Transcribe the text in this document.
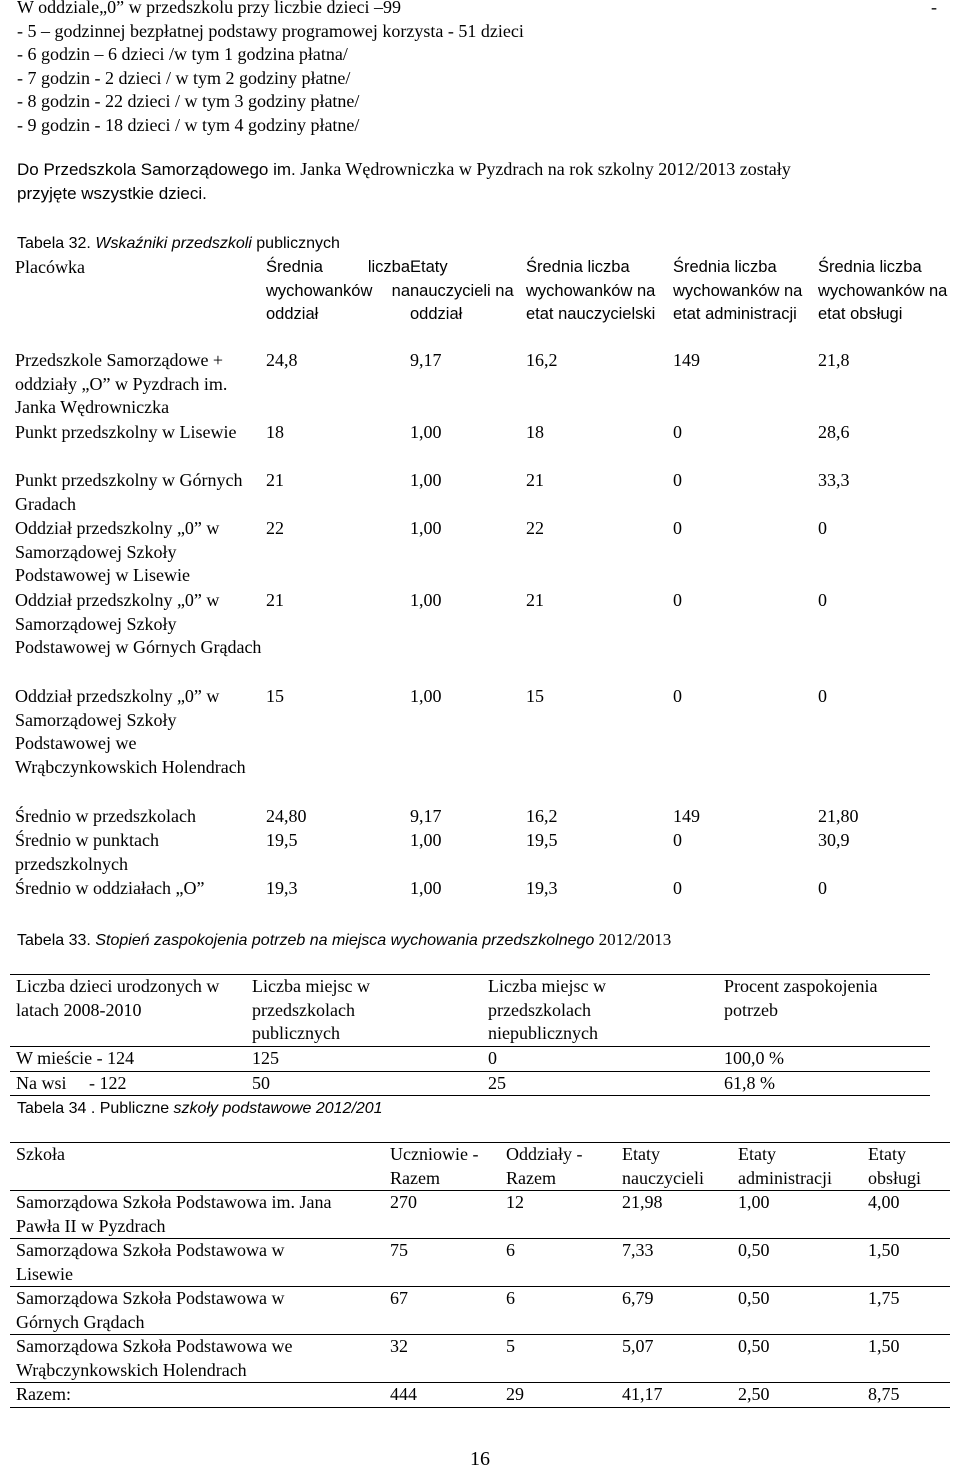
-
W oddziale„0” w przedszkolu przy liczbie dzieci –99
- 5 – godzinnej bezpłatnej podstawy programowej korzysta - 51 dzieci
- 6 godzin – 6 dzieci /w tym 1 godzina płatna/
- 7 godzin - 2 dzieci / w tym 2 godziny płatne/
- 8 godzin - 22 dzieci / w tym 3 godziny płatne/
- 9 godzin - 18 dzieci / w tym 4 godziny płatne/
Do Przedszkola Samorządowego im. Janka Wędrowniczka w Pyzdrach na rok szkolny 2012/2013 zostały
przyjęte wszystkie dzieci.
Tabela 32. Wskaźniki przedszkoli publicznych
Placówka	Średnia liczba wychowanków na oddział	Etaty nauczycieli na oddział	Średnia liczba wychowanków na etat nauczycielski	Średnia liczba wychowanków na etat administracji	Średnia liczba wychowanków na etat obsługi
Przedszkole Samorządowe + oddziały „O” w Pyzdrach im. Janka Wędrowniczka	24,8	9,17	16,2	149	21,8
Punkt przedszkolny w Lisewie	18	1,00	18	0	28,6
Punkt przedszkolny w Górnych Gradach	21	1,00	21	0	33,3
Oddział przedszkolny „0” w Samorządowej Szkoły Podstawowej w Lisewie	22	1,00	22	0	0
Oddział przedszkolny „0” w Samorządowej Szkoły Podstawowej w Górnych Grądach	21	1,00	21	0	0
Oddział przedszkolny „0” w Samorządowej Szkoły Podstawowej we Wrąbczynkowskich Holendrach	15	1,00	15	0	0
Średnio w przedszkolach	24,80	9,17	16,2	149	21,80
Średnio w punktach przedszkolnych	19,5	1,00	19,5	0	30,9
Średnio w oddziałach „O”	19,3	1,00	19,3	0	0
Tabela 33. Stopień zaspokojenia potrzeb na miejsca wychowania przedszkolnego 2012/2013
Liczba dzieci urodzonych w latach 2008-2010	Liczba miejsc w przedszkolach publicznych	Liczba miejsc w przedszkolach niepublicznych	Procent zaspokojenia potrzeb
W mieście - 124	125	0	100,0 %
Na wsi     - 122	50	25	61,8 %
Tabela 34 . Publiczne szkoły podstawowe 2012/201
Szkoła	Uczniowie -Razem	Oddziały - Razem	Etaty nauczycieli	Etaty administracji	Etaty obsługi
Samorządowa Szkoła Podstawowa im. Jana Pawła II w Pyzdrach	270	12	21,98	1,00	4,00
Samorządowa Szkoła Podstawowa w Lisewie	75	6	7,33	0,50	1,50
Samorządowa Szkoła Podstawowa w Górnych Grądach	67	6	6,79	0,50	1,75
Samorządowa Szkoła Podstawowa we Wrąbczynkowskich Holendrach	32	5	5,07	0,50	1,50
Razem:	444	29	41,17	2,50	8,75
16
